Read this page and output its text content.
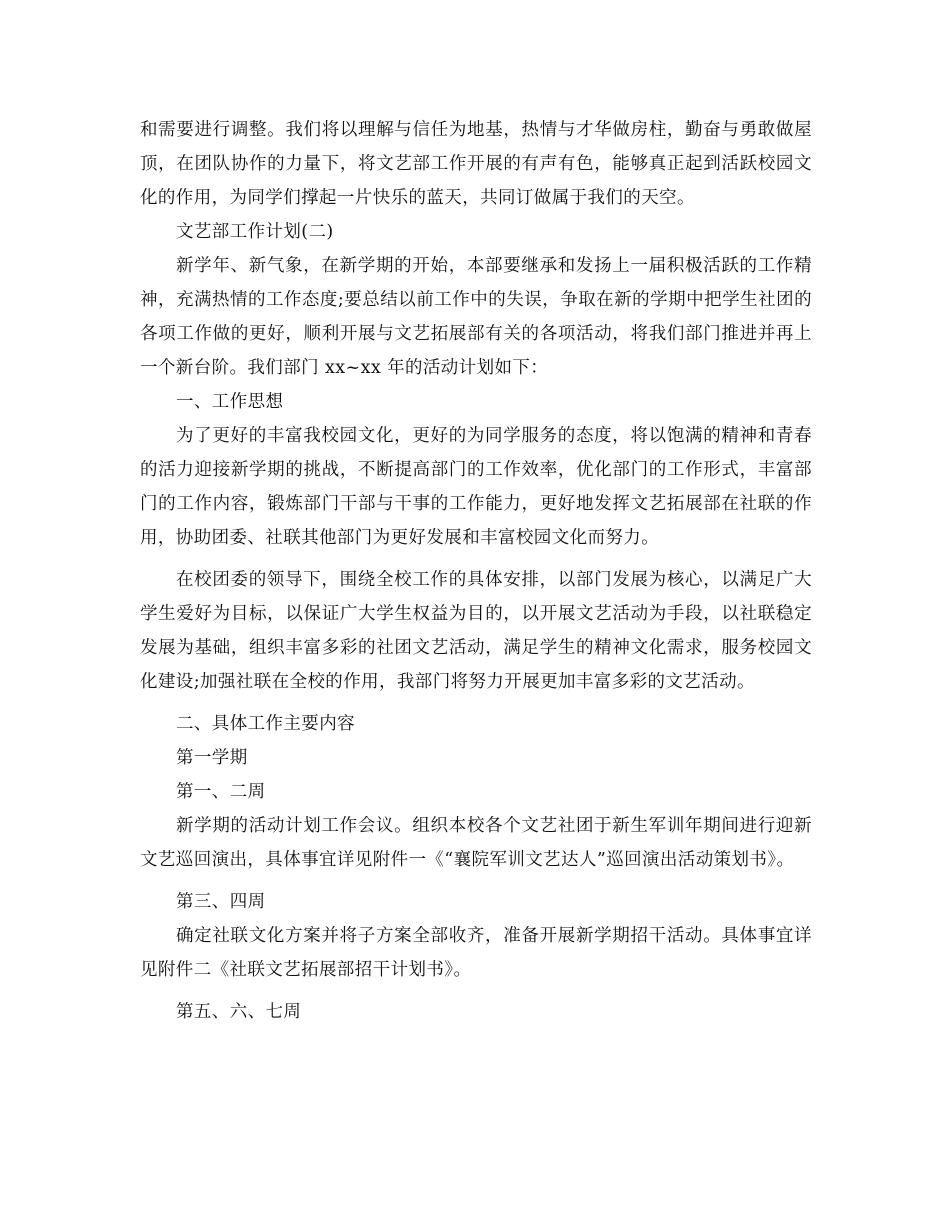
和需要进行调整。我们将以理解与信任为地基，热情与才华做房柱，勤奋与勇敢做屋顶，在团队协作的力量下，将文艺部工作开展的有声有色，能够真正起到活跃校园文化的作用，为同学们撑起一片快乐的蓝天，共同订做属于我们的天空。

文艺部工作计划(二)

新学年、新气象，在新学期的开始，本部要继承和发扬上一届积极活跃的工作精神，充满热情的工作态度;要总结以前工作中的失误，争取在新的学期中把学生社团的各项工作做的更好，顺利开展与文艺拓展部有关的各项活动，将我们部门推进并再上一个新台阶。我们部门 xx~xx 年的活动计划如下：

一、工作思想

为了更好的丰富我校园文化，更好的为同学服务的态度，将以饱满的精神和青春的活力迎接新学期的挑战，不断提高部门的工作效率，优化部门的工作形式，丰富部门的工作内容，锻炼部门干部与干事的工作能力，更好地发挥文艺拓展部在社联的作用，协助团委、社联其他部门为更好发展和丰富校园文化而努力。

在校团委的领导下，围绕全校工作的具体安排，以部门发展为核心，以满足广大学生爱好为目标，以保证广大学生权益为目的，以开展文艺活动为手段，以社联稳定发展为基础，组织丰富多彩的社团文艺活动，满足学生的精神文化需求，服务校园文化建设;加强社联在全校的作用，我部门将努力开展更加丰富多彩的文艺活动。

二、具体工作主要内容

第一学期

第一、二周

新学期的活动计划工作会议。组织本校各个文艺社团于新生军训年期间进行迎新文艺巡回演出，具体事宜详见附件一《“襄院军训文艺达人”巡回演出活动策划书》。

第三、四周

确定社联文化方案并将子方案全部收齐，准备开展新学期招干活动。具体事宜详见附件二《社联文艺拓展部招干计划书》。

第五、六、七周
